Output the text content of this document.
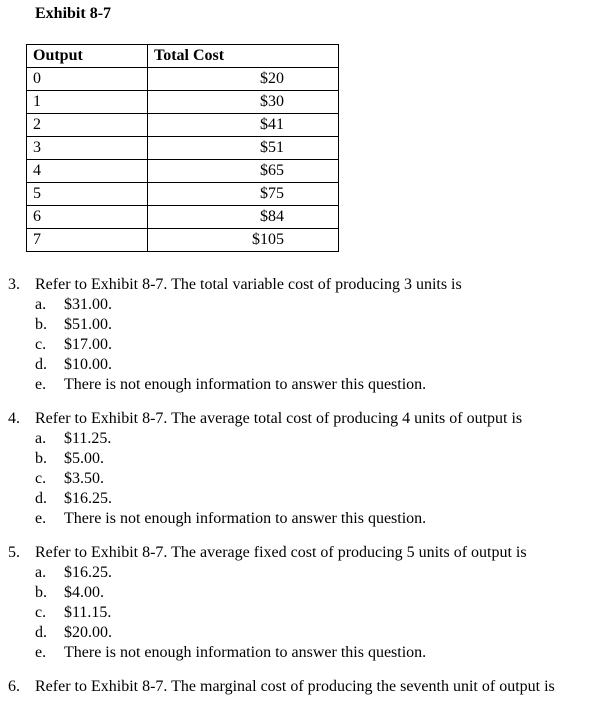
Exhibit 8-7
Output	Total Cost
0	$20
1	$30
2	$41
3	$51
4	$65
5	$75
6	$84
7	$105
3. Refer to Exhibit 8-7. The total variable cost of producing 3 units is
a. $31.00.
b. $51.00.
c. $17.00.
d. $10.00.
e. There is not enough information to answer this question.
4. Refer to Exhibit 8-7. The average total cost of producing 4 units of output is
a. $11.25.
b. $5.00.
c. $3.50.
d. $16.25.
e. There is not enough information to answer this question.
5. Refer to Exhibit 8-7. The average fixed cost of producing 5 units of output is
a. $16.25.
b. $4.00.
c. $11.15.
d. $20.00.
e. There is not enough information to answer this question.
6. Refer to Exhibit 8-7. The marginal cost of producing the seventh unit of output is
